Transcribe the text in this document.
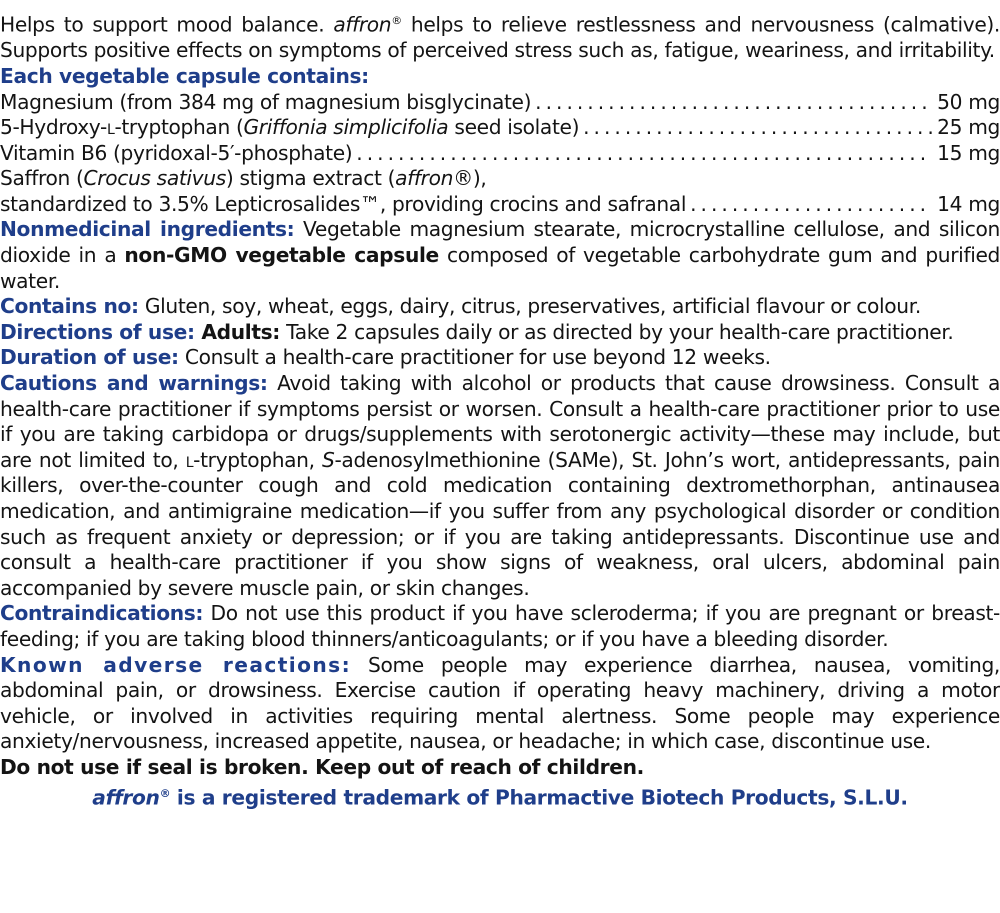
Helps to support mood balance. affron® helps to relieve restlessness and nervousness (calmative). Supports positive effects on symptoms of perceived stress such as, fatigue, weariness, and irritability.

Each vegetable capsule contains:
Magnesium (from 384 mg of magnesium bisglycinate) . . .	50 mg
5-Hydroxy-l-tryptophan (Griffonia simplicifolia seed isolate) . . .	25 mg
Vitamin B6 (pyridoxal-5′-phosphate) . . .	15 mg
Saffron (Crocus sativus) stigma extract (affron®),
standardized to 3.5% Lepticrosalides™, providing crocins and safranal . . .	14 mg

Nonmedicinal ingredients: Vegetable magnesium stearate, microcrystalline cellulose, and silicon dioxide in a non-GMO vegetable capsule composed of vegetable carbohydrate gum and purified water.

Contains no: Gluten, soy, wheat, eggs, dairy, citrus, preservatives, artificial flavour or colour.

Directions of use: Adults: Take 2 capsules daily or as directed by your health-care practitioner.

Duration of use: Consult a health-care practitioner for use beyond 12 weeks.

Cautions and warnings: Avoid taking with alcohol or products that cause drowsiness. Consult a health-care practitioner if symptoms persist or worsen. Consult a health-care practitioner prior to use if you are taking carbidopa or drugs/supplements with serotonergic activity—these may include, but are not limited to, l-tryptophan, S-adenosylmethionine (SAMe), St. John’s wort, antidepressants, pain killers, over-the-counter cough and cold medication containing dextromethorphan, antinausea medication, and antimigraine medication—if you suffer from any psychological disorder or condition such as frequent anxiety or depression; or if you are taking antidepressants. Discontinue use and consult a health-care practitioner if you show signs of weakness, oral ulcers, abdominal pain accompanied by severe muscle pain, or skin changes.

Contraindications: Do not use this product if you have scleroderma; if you are pregnant or breast-feeding; if you are taking blood thinners/anticoagulants; or if you have a bleeding disorder.

Known adverse reactions: Some people may experience diarrhea, nausea, vomiting, abdominal pain, or drowsiness. Exercise caution if operating heavy machinery, driving a motor vehicle, or involved in activities requiring mental alertness. Some people may experience anxiety/nervousness, increased appetite, nausea, or headache; in which case, discontinue use.

Do not use if seal is broken. Keep out of reach of children.

affron® is a registered trademark of Pharmactive Biotech Products, S.L.U.
